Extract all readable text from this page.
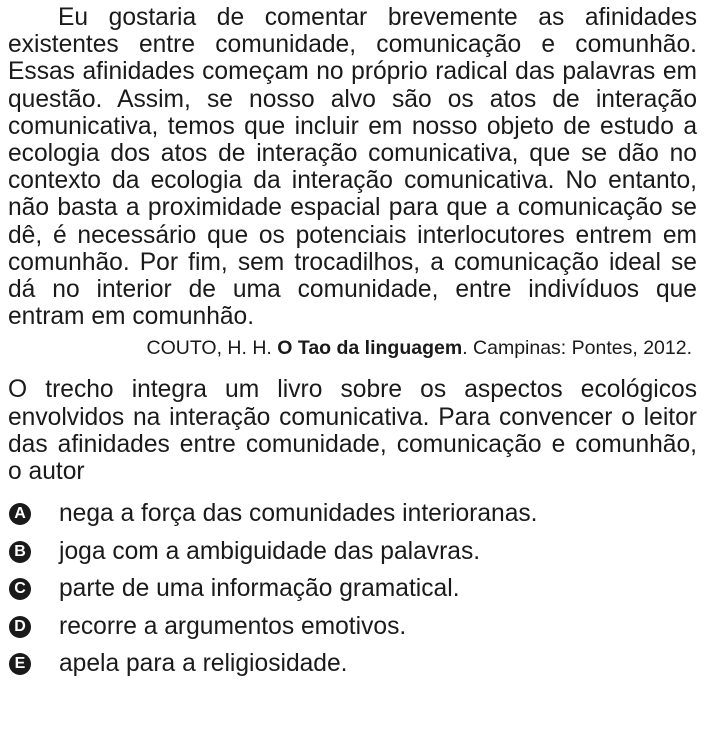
Eu gostaria de comentar brevemente as afinidades existentes entre comunidade, comunicação e comunhão. Essas afinidades começam no próprio radical das palavras em questão. Assim, se nosso alvo são os atos de interação comunicativa, temos que incluir em nosso objeto de estudo a ecologia dos atos de interação comunicativa, que se dão no contexto da ecologia da interação comunicativa. No entanto, não basta a proximidade espacial para que a comunicação se dê, é necessário que os potenciais interlocutores entrem em comunhão. Por fim, sem trocadilhos, a comunicação ideal se dá no interior de uma comunidade, entre indivíduos que entram em comunhão.

COUTO, H. H. O Tao da linguagem. Campinas: Pontes, 2012.

O trecho integra um livro sobre os aspectos ecológicos envolvidos na interação comunicativa. Para convencer o leitor das afinidades entre comunidade, comunicação e comunhão, o autor

A nega a força das comunidades interioranas.
B joga com a ambiguidade das palavras.
C parte de uma informação gramatical.
D recorre a argumentos emotivos.
E apela para a religiosidade.
